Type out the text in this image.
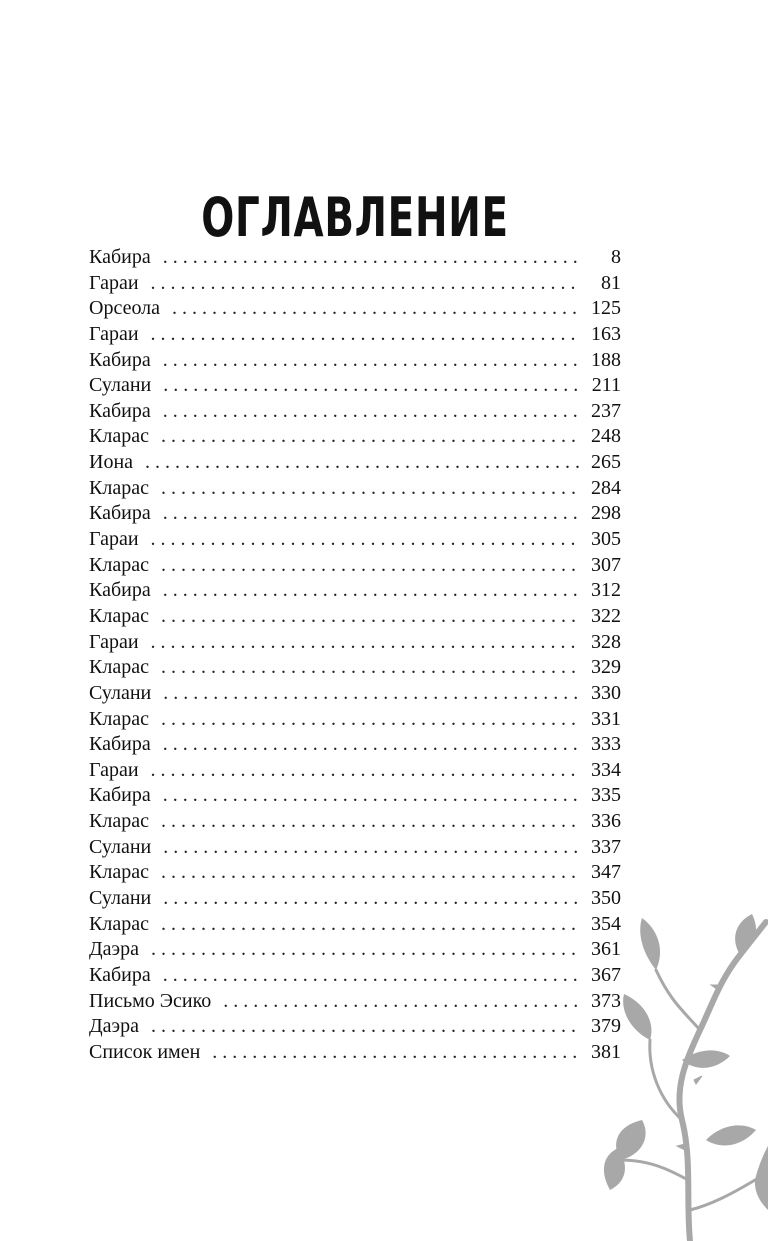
ОГЛАВЛЕНИЕ
Кабира . . .	8
Гараи . . .	81
Орсеола . . .	125
Гараи . . .	163
Кабира . . .	188
Сулани . . .	211
Кабира . . .	237
Кларас . . .	248
Иона . . .	265
Кларас . . .	284
Кабира . . .	298
Гараи . . .	305
Кларас . . .	307
Кабира . . .	312
Кларас . . .	322
Гараи . . .	328
Кларас . . .	329
Сулани . . .	330
Кларас . . .	331
Кабира . . .	333
Гараи . . .	334
Кабира . . .	335
Кларас . . .	336
Сулани . . .	337
Кларас . . .	347
Сулани . . .	350
Кларас . . .	354
Даэра . . .	361
Кабира . . .	367
Письмо Эсико . . .	373
Даэра . . .	379
Список имен . . .	381
